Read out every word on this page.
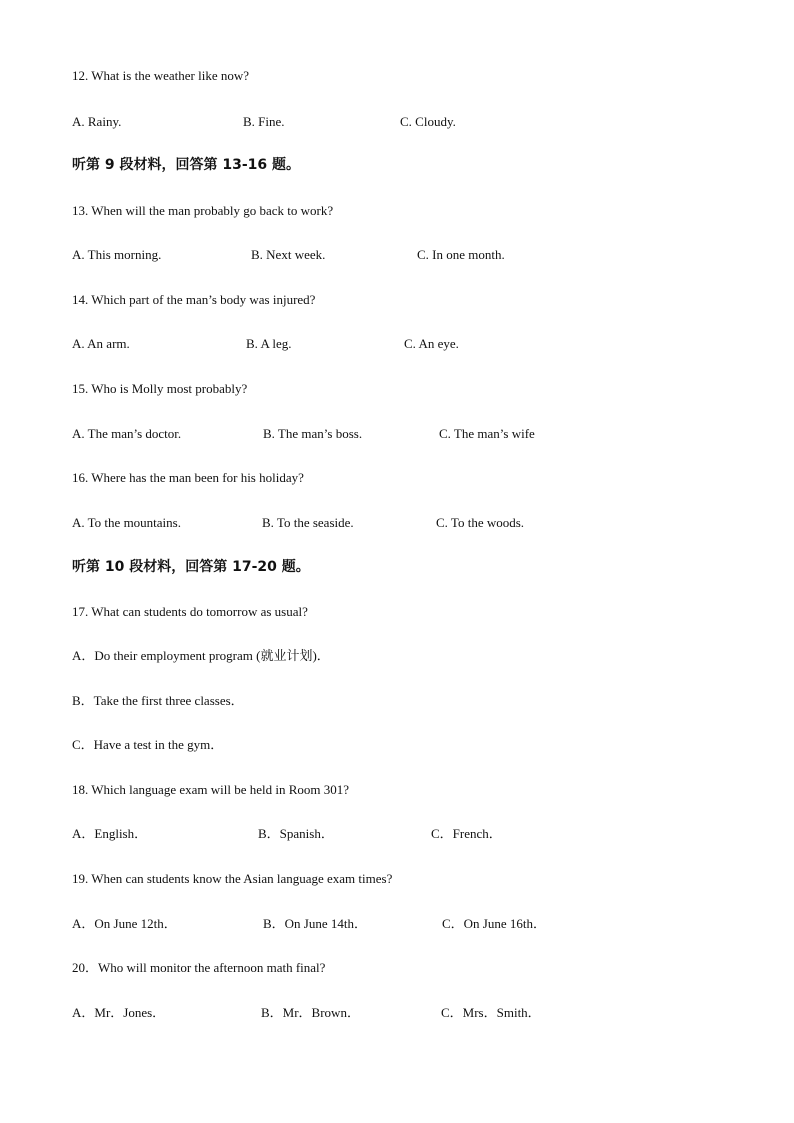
12. What is the weather like now?
A. Rainy.	B. Fine.	C. Cloudy.
听第 9 段材料，回答第 13-16 题。
13. When will the man probably go back to work?
A. This morning.	B. Next week.	C. In one month.
14. Which part of the man’s body was injured?
A. An arm.	B. A leg.	C. An eye.
15. Who is Molly most probably?
A. The man’s doctor.	B. The man’s boss.	C. The man’s wife
16. Where has the man been for his holiday?
A. To the mountains.	B. To the seaside.	C. To the woods.
听第 10 段材料，回答第 17-20 题。
17. What can students do tomorrow as usual?
A．Do their employment program (就业计划)．
B．Take the first three classes．
C．Have a test in the gym．
18. Which language exam will be held in Room 301?
A．English．	B．Spanish．	C．French．
19. When can students know the Asian language exam times?
A．On June 12th．	B．On June 14th．	C．On June 16th．
20．Who will monitor the afternoon math final?
A．Mr．Jones．	B．Mr．Brown．	C．Mrs．Smith．
